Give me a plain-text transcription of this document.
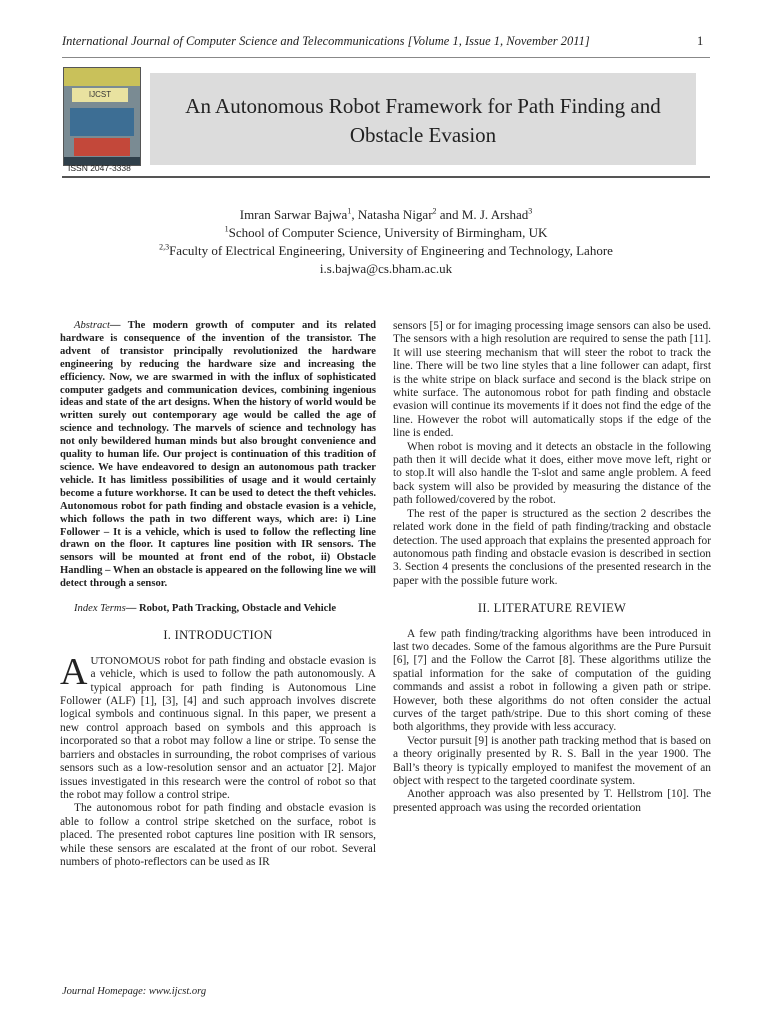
International Journal of Computer Science and Telecommunications [Volume 1, Issue 1, November 2011]	1
IJCST
ISSN 2047-3338
An Autonomous Robot Framework for Path Finding and
Obstacle Evasion
Imran Sarwar Bajwa$^1$, Natasha Nigar$^2$ and M. J. Arshad$^3$
$^1$School of Computer Science, University of Birmingham, UK
$^{2,3}$Faculty of Electrical Engineering, University of Engineering and Technology, Lahore
i.s.bajwa@cs.bham.ac.uk

Abstract— The modern growth of computer and its related hardware is consequence of the invention of the transistor. The advent of transistor principally revolutionized the hardware engineering by reducing the hardware size and increasing the efficiency. Now, we are swarmed in with the influx of sophisticated computer gadgets and communication devices, combining ingenious ideas and state of the art designs. When the history of world would be written surely out contemporary age would be called the age of science and technology. The marvels of science and technology has not only bewildered human minds but also brought convenience and quality to human life. Our project is continuation of this tradition of science. We have endeavored to design an autonomous path tracker vehicle. It has limitless possibilities of usage and it would certainly become a future workhorse. It can be used to detect the theft vehicles. Autonomous robot for path finding and obstacle evasion is a vehicle, which follows the path in two different ways, which are: i) Line Follower – It is a vehicle, which is used to follow the reflecting line drawn on the floor. It captures line position with IR sensors. The sensors will be mounted at front end of the robot, ii) Obstacle Handling – When an obstacle is appeared on the following line we will detect through a sensor.

Index Terms— Robot, Path Tracking, Obstacle and Vehicle

I. INTRODUCTION

AUTONOMOUS robot for path finding and obstacle evasion is a vehicle, which is used to follow the path autonomously. A typical approach for path finding is Autonomous Line Follower (ALF) [1], [3], [4] and such approach involves discrete logical symbols and continuous signal. In this paper, we present a new control approach based on symbols and this approach is incorporated so that a robot may follow a line or stripe. To sense the barriers and obstacles in surrounding, the robot comprises of various sensors such as a low-resolution sensor and an actuator [2]. Major issues investigated in this research were the control of robot so that the robot may follow a control stripe.

The autonomous robot for path finding and obstacle evasion is able to follow a control stripe sketched on the surface, robot is placed. The presented robot captures line position with IR sensors, while these sensors are escalated at the front of our robot. Several numbers of photo-reflectors can be used as IR

sensors [5] or for imaging processing image sensors can also be used. The sensors with a high resolution are required to sense the path [11]. It will use steering mechanism that will steer the robot to track the line. There will be two line styles that a line follower can adapt, first is the white stripe on black surface and second is the black stripe on white surface. The autonomous robot for path finding and obstacle evasion will continue its movements if it does not find the edge of the line. However the robot will automatically stops if the edge of the line is ended.

When robot is moving and it detects an obstacle in the following path then it will decide what it does, either move move left, right or to stop.It will also handle the T-slot and same angle problem. A feed back system will also be provided by measuring the distance of the path followed/covered by the robot.

The rest of the paper is structured as the section 2 describes the related work done in the field of path finding/tracking and obstacle detection. The used approach that explains the presented approach for autonomous path finding and obstacle evasion is described in section 3. Section 4 presents the conclusions of the presented research in the paper with the possible future work.

II. LITERATURE REVIEW

A few path finding/tracking algorithms have been introduced in last two decades. Some of the famous algorithms are the Pure Pursuit [6], [7] and the Follow the Carrot [8]. These algorithms utilize the spatial information for the sake of computation of the guiding commands and assist a robot in following a given path or stripe. However, both these algorithms do not often consider the actual curves of the target path/stripe. Due to this short coming of these both algorithms, they provide with less accuracy.

Vector pursuit [9] is another path tracking method that is based on a theory originally presented by R. S. Ball in the year 1900. The Ball’s theory is typically employed to manifest the movement of an object with respect to the targeted coordinate system.

Another approach was also presented by T. Hellstrom [10]. The presented approach was using the recorded orientation

Journal Homepage: www.ijcst.org
